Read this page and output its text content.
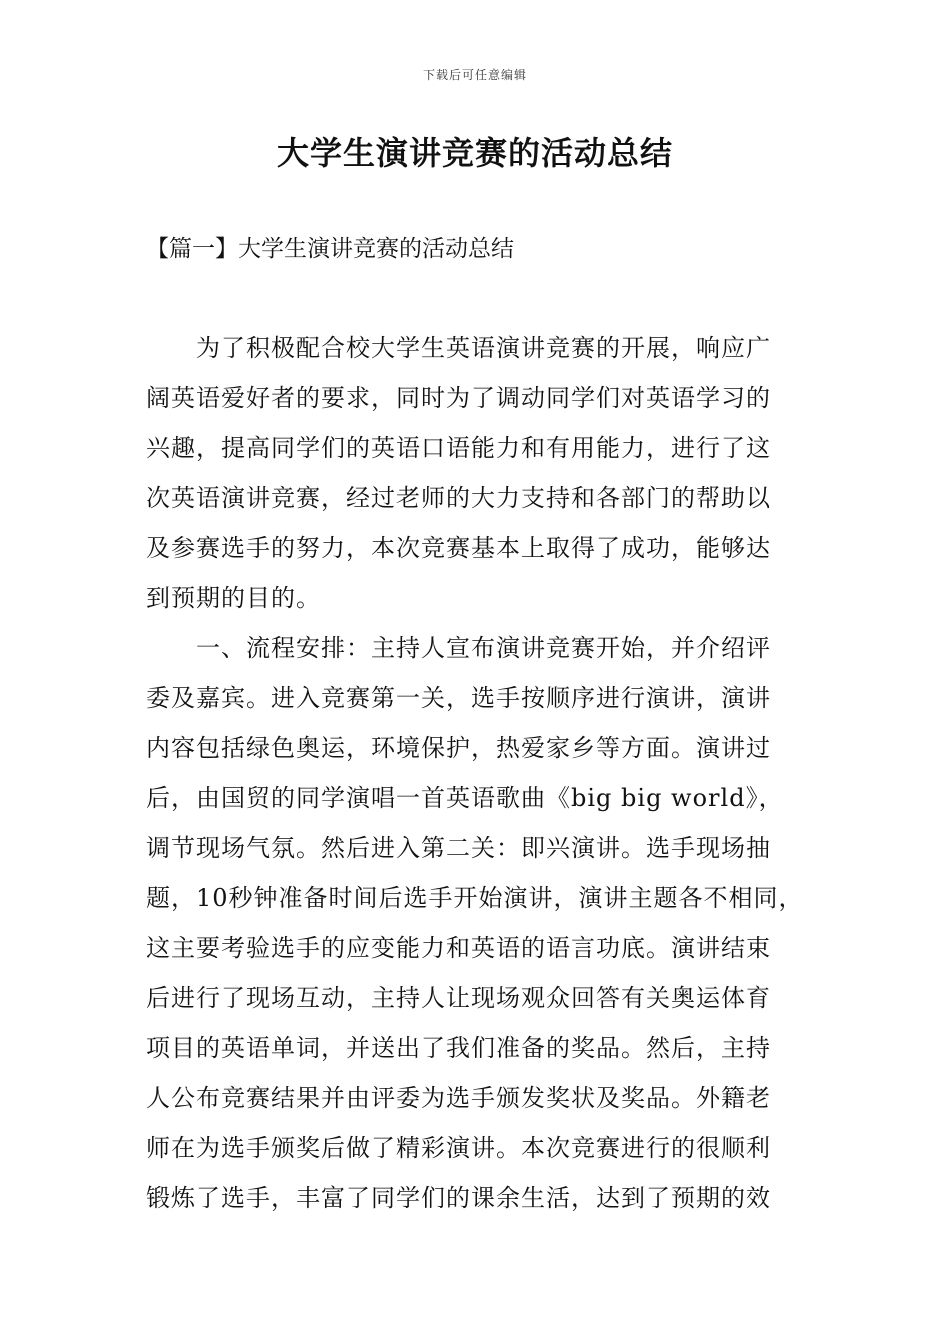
下载后可任意编辑
大学生演讲竞赛的活动总结
【篇一】大学生演讲竞赛的活动总结
为了积极配合校大学生英语演讲竞赛的开展，响应广
阔英语爱好者的要求，同时为了调动同学们对英语学习的
兴趣，提高同学们的英语口语能力和有用能力，进行了这
次英语演讲竞赛，经过老师的大力支持和各部门的帮助以
及参赛选手的努力，本次竞赛基本上取得了成功，能够达
到预期的目的。
一、流程安排：主持人宣布演讲竞赛开始，并介绍评
委及嘉宾。进入竞赛第一关，选手按顺序进行演讲，演讲
内容包括绿色奥运，环境保护，热爱家乡等方面。演讲过
后，由国贸的同学演唱一首英语歌曲《big big world》，
调节现场气氛。然后进入第二关：即兴演讲。选手现场抽
题，10秒钟准备时间后选手开始演讲，演讲主题各不相同，
这主要考验选手的应变能力和英语的语言功底。演讲结束
后进行了现场互动，主持人让现场观众回答有关奥运体育
项目的英语单词，并送出了我们准备的奖品。然后，主持
人公布竞赛结果并由评委为选手颁发奖状及奖品。外籍老
师在为选手颁奖后做了精彩演讲。本次竞赛进行的很顺利
锻炼了选手，丰富了同学们的课余生活，达到了预期的效
